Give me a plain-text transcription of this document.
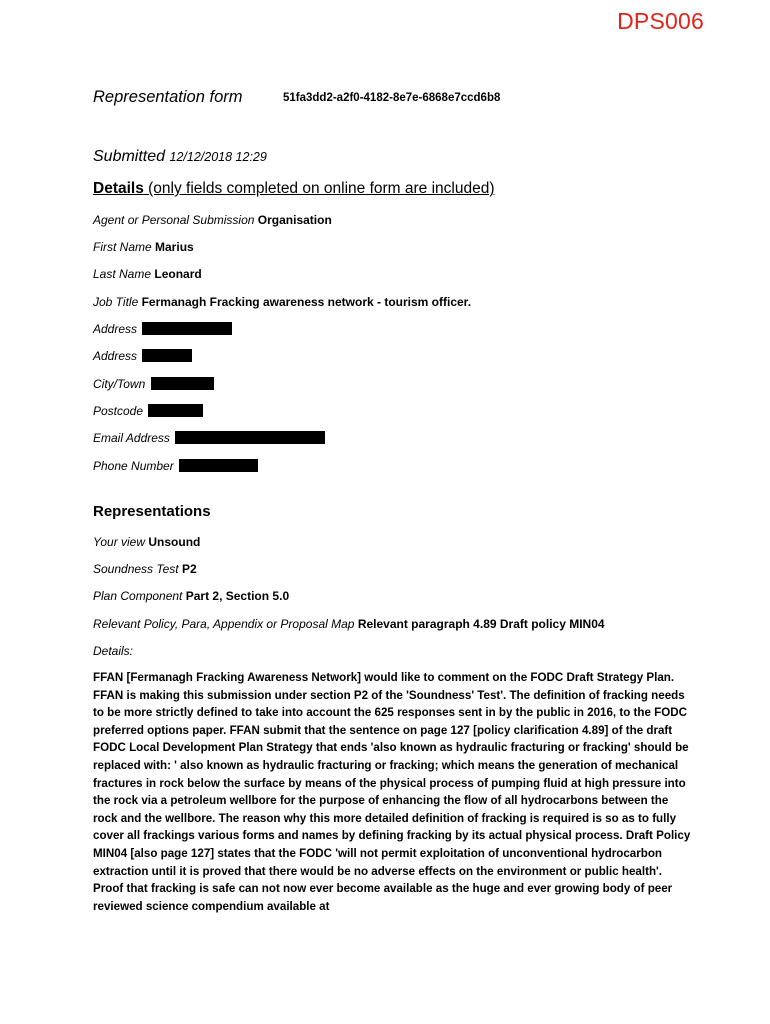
DPS006
Representation form	51fa3dd2-a2f0-4182-8e7e-6868e7ccd6b8
Submitted 12/12/2018 12:29
Details (only fields completed on online form are included)
Agent or Personal Submission Organisation
First Name Marius
Last Name Leonard
Job Title Fermanagh Fracking awareness network - tourism officer.
Address
Address
City/Town
Postcode
Email Address
Phone Number
Representations
Your view Unsound
Soundness Test P2
Plan Component Part 2, Section 5.0
Relevant Policy, Para, Appendix or Proposal Map Relevant paragraph 4.89 Draft policy MIN04
Details:
FFAN [Fermanagh Fracking Awareness Network] would like to comment on the FODC Draft Strategy Plan. FFAN is making this submission under section P2 of the 'Soundness' Test'. The definition of fracking needs to be more strictly defined to take into account the 625 responses sent in by the public in 2016, to the FODC preferred options paper. FFAN submit that the sentence on page 127 [policy clarification 4.89] of the draft FODC Local Development Plan Strategy that ends 'also known as hydraulic fracturing or fracking' should be replaced with: ' also known as hydraulic fracturing or fracking; which means the generation of mechanical fractures in rock below the surface by means of the physical process of pumping fluid at high pressure into the rock via a petroleum wellbore for the purpose of enhancing the flow of all hydrocarbons between the rock and the wellbore. The reason why this more detailed definition of fracking is required is so as to fully cover all frackings various forms and names by defining fracking by its actual physical process. Draft Policy MIN04 [also page 127] states that the FODC 'will not permit exploitation of unconventional hydrocarbon extraction until it is proved that there would be no adverse effects on the environment or public health'. Proof that fracking is safe can not now ever become available as the huge and ever growing body of peer reviewed science compendium available at
